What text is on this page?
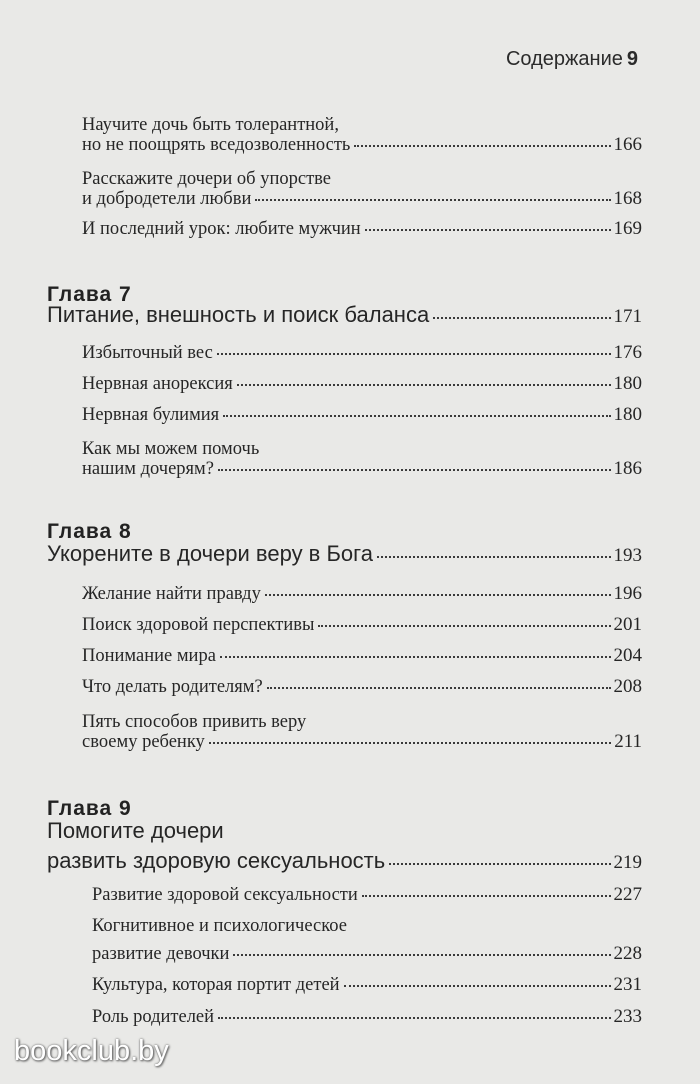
Содержание 9
Научите дочь быть толерантной,
но не поощрять вседозволенность	166
Расскажите дочери об упорстве
и добродетели любви	168
И последний урок: любите мужчин	169
Глава 7
Питание, внешность и поиск баланса	171
Избыточный вес	176
Нервная анорексия	180
Нервная булимия	180
Как мы можем помочь
нашим дочерям?	186
Глава 8
Укорените в дочери веру в Бога	193
Желание найти правду	196
Поиск здоровой перспективы	201
Понимание мира	204
Что делать родителям?	208
Пять способов привить веру
своему ребенку	211
Глава 9
Помогите дочери
развить здоровую сексуальность	219
Развитие здоровой сексуальности	227
Когнитивное и психологическое
развитие девочки	228
Культура, которая портит детей	231
Роль родителей	233
bookclub.by
